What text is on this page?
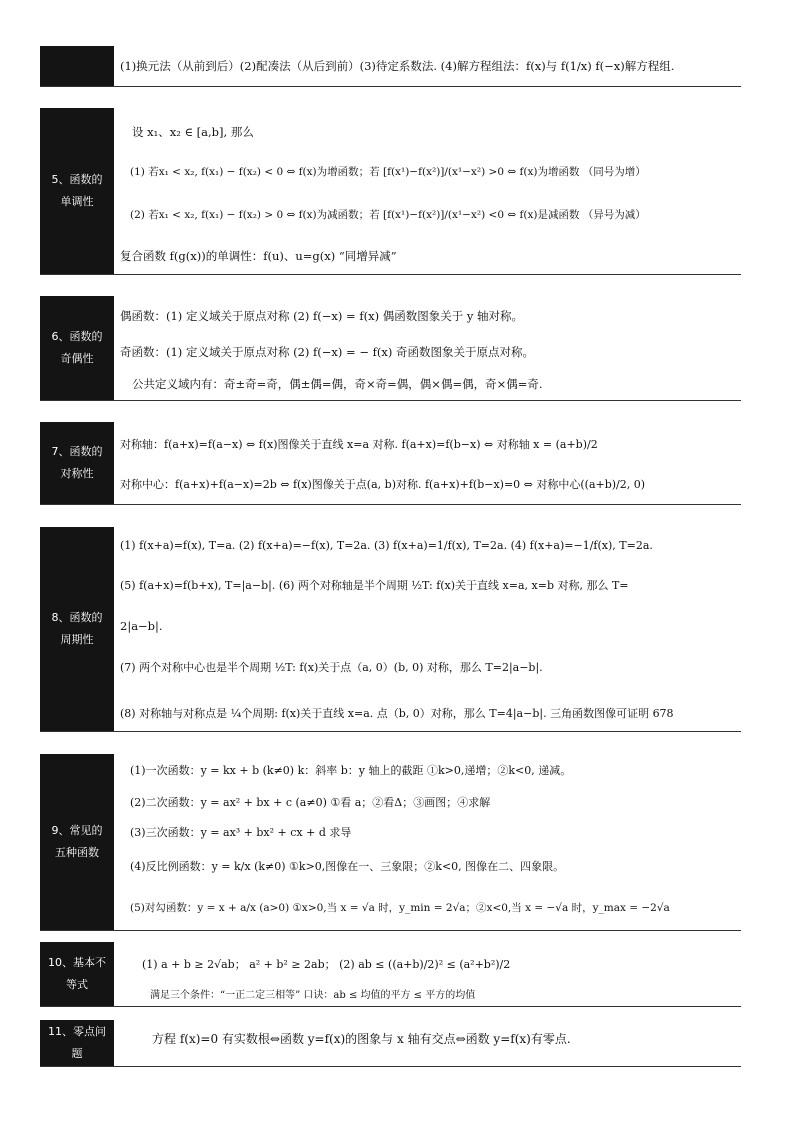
(1)换元法（从前到后）(2)配凑法（从后到前）(3)待定系数法. (4)解方程组法：f(x)与 f(1/x) f(−x)解方程组.
5、函数的单调性
设 x₁、x₂ ∈ [a,b], 那么
(1) 若x₁ < x₂, f(x₁) − f(x₂) < 0 ⇔ f(x)为增函数；若 [f(x¹)−f(x²)]/(x¹−x²) >0 ⇔ f(x)为增函数 （同号为增）
(2) 若x₁ < x₂, f(x₁) − f(x₂) > 0 ⇔ f(x)为减函数；若 [f(x¹)−f(x²)]/(x¹−x²) <0 ⇔ f(x)是减函数 （异号为减）
复合函数 f(g(x))的单调性：f(u)、u=g(x) “同增异减”
6、函数的奇偶性
偶函数：(1) 定义域关于原点对称 (2) f(−x) = f(x) 偶函数图象关于 y 轴对称。
奇函数：(1) 定义域关于原点对称 (2) f(−x) = − f(x) 奇函数图象关于原点对称。
公共定义域内有：奇±奇=奇，偶±偶=偶，奇×奇=偶，偶×偶=偶，奇×偶=奇.
7、函数的对称性
对称轴：f(a+x)=f(a−x) ⇔ f(x)图像关于直线 x=a 对称. f(a+x)=f(b−x) ⇔ 对称轴 x = (a+b)/2
对称中心：f(a+x)+f(a−x)=2b ⇔ f(x)图像关于点(a, b)对称. f(a+x)+f(b−x)=0 ⇔ 对称中心((a+b)/2, 0)
8、函数的周期性
(1) f(x+a)=f(x), T=a. (2) f(x+a)=−f(x), T=2a. (3) f(x+a)=1/f(x), T=2a. (4) f(x+a)=−1/f(x), T=2a.
(5) f(a+x)=f(b+x), T=|a−b|. (6) 两个对称轴是半个周期 ½T: f(x)关于直线 x=a, x=b 对称, 那么 T=
2|a−b|.
(7) 两个对称中心也是半个周期 ½T: f(x)关于点（a, 0）(b, 0) 对称，那么 T=2|a−b|.
(8) 对称轴与对称点是 ¼个周期: f(x)关于直线 x=a. 点（b, 0）对称，那么 T=4|a−b|. 三角函数图像可证明 678
9、常见的五种函数
(1)一次函数：y = kx + b (k≠0) k：斜率 b：y 轴上的截距 ①k>0,递增；②k<0, 递减。
(2)二次函数：y = ax² + bx + c (a≠0) ①看 a；②看Δ；③画图；④求解
(3)三次函数：y = ax³ + bx² + cx + d 求导
(4)反比例函数：y = k/x (k≠0) ①k>0,图像在一、三象限；②k<0, 图像在二、四象限。
(5)对勾函数：y = x + a/x (a>0) ①x>0,当 x = √a 时，y_min = 2√a；②x<0,当 x = −√a 时，y_max = −2√a
10、基本不等式
(1) a + b ≥ 2√ab； a² + b² ≥ 2ab； (2) ab ≤ ((a+b)/2)² ≤ (a²+b²)/2
满足三个条件：“一正二定三相等” 口诀：ab ≤ 均值的平方 ≤ 平方的均值
11、零点问题
方程 f(x)=0 有实数根⇔函数 y=f(x)的图象与 x 轴有交点⇔函数 y=f(x)有零点.
